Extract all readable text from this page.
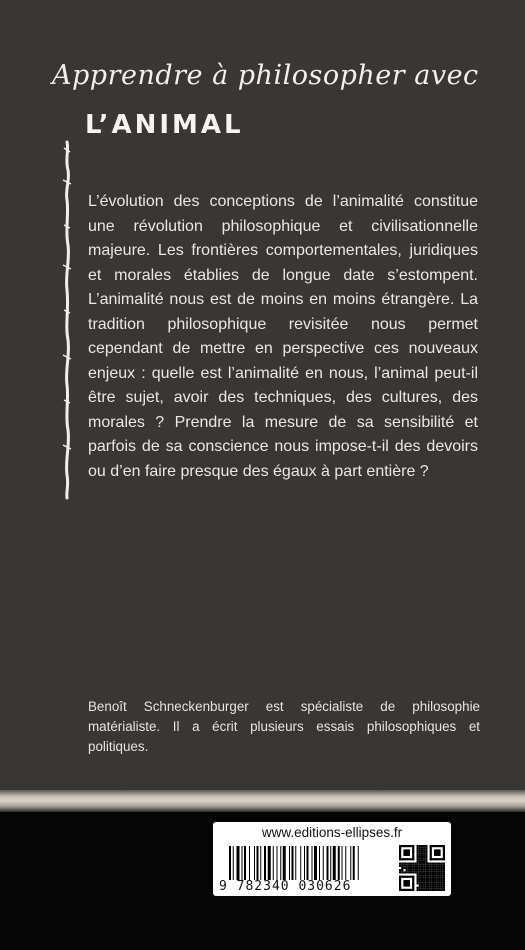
Apprendre à philosopher avec
L’ANIMAL
L’évolution des conceptions de l’animalité constitue une révolution philosophique et civilisationnelle majeure. Les frontières comportementales, juridiques et morales établies de longue date s’estompent. L’animalité nous est de moins en moins étrangère. La tradition philosophique revisitée nous permet cependant de mettre en perspective ces nouveaux enjeux : quelle est l’animalité en nous, l’animal peut-il être sujet, avoir des techniques, des cultures, des morales ? Prendre la mesure de sa sensibilité et parfois de sa conscience nous impose-t-il des devoirs ou d’en faire presque des égaux à part entière ?
Benoît Schneckenburger est spécialiste de philosophie matérialiste. Il a écrit plusieurs essais philosophiques et politiques.
www.editions-ellipses.fr
9 782340 030626
